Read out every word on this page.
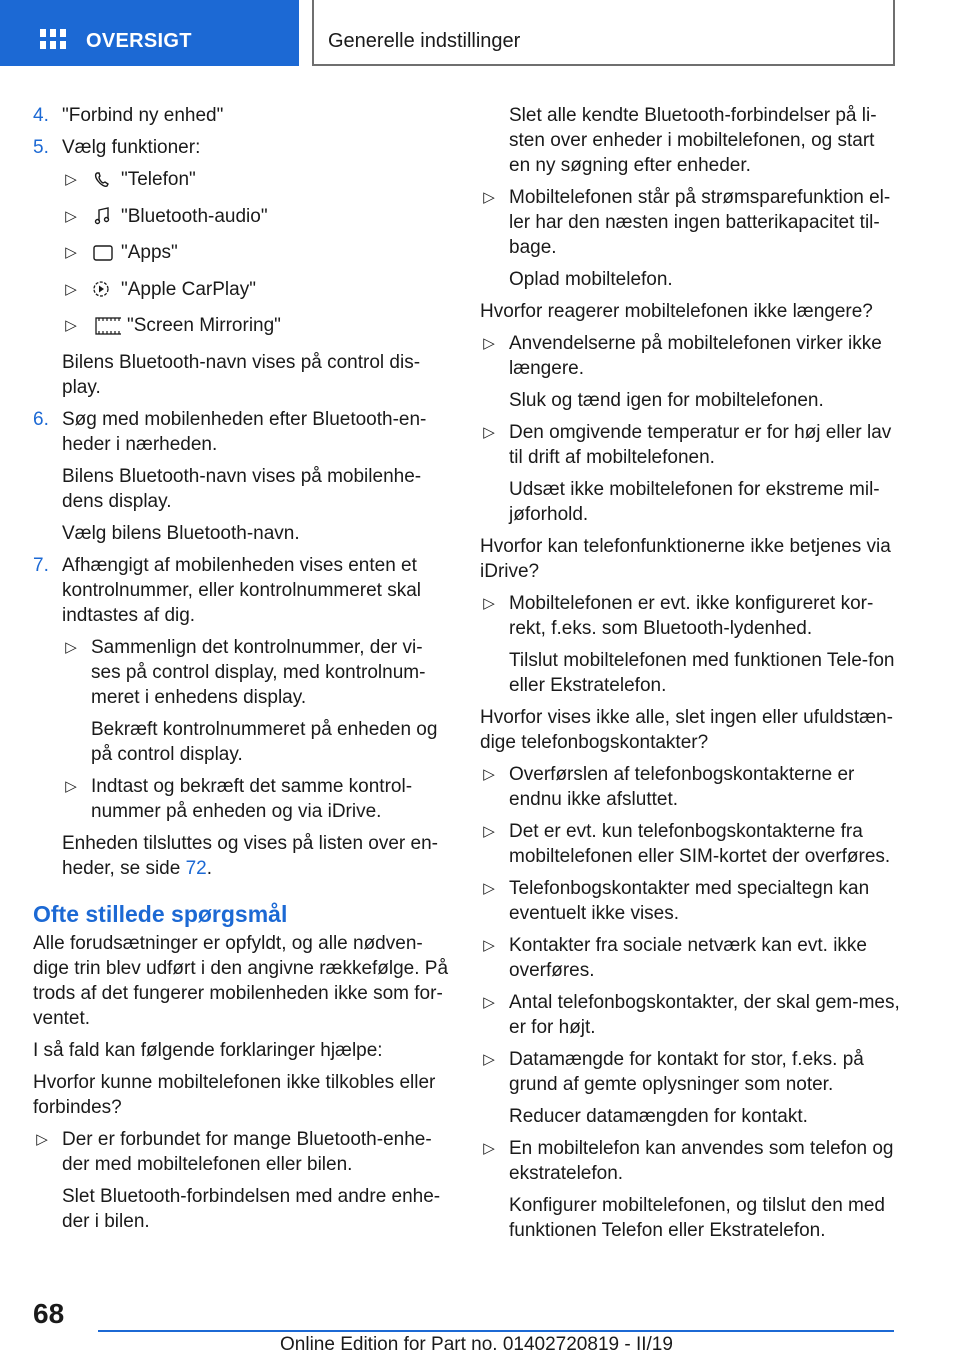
OVERSIGT	Generelle indstillinger
4. "Forbind ny enhed"

5. Vælg funktioner:

▷ "Telefon"
▷ "Bluetooth-audio"
▷ "Apps"
▷ "Apple CarPlay"
▷	"Screen Mirroring"

Bilens Bluetooth-navn vises på control dis-play.

6. Søg med mobilenheden efter Bluetooth-en-heder i nærheden.

Bilens Bluetooth-navn vises på mobilenhe-dens display.

Vælg bilens Bluetooth-navn.

7. Afhængigt af mobilenheden vises enten et kontrolnummer, eller kontrolnummeret skal indtastes af dig.

▷ Sammenlign det kontrolnummer, der vi-ses på control display, med kontrolnum-meret i enhedens display.

Bekræft kontrolnummeret på enheden og på control display.

▷ Indtast og bekræft det samme kontrol-nummer på enheden og via iDrive.

Enheden tilsluttes og vises på listen over en-heder, se side 72.

Ofte stillede spørgsmål

Alle forudsætninger er opfyldt, og alle nødven-dige trin blev udført i den angivne rækkefølge. På trods af det fungerer mobilenheden ikke som for-ventet.

I så fald kan følgende forklaringer hjælpe:

Hvorfor kunne mobiltelefonen ikke tilkobles eller forbindes?

▷ Der er forbundet for mange Bluetooth-enhe-der med mobiltelefonen eller bilen.

Slet Bluetooth-forbindelsen med andre enhe-der i bilen.

Slet alle kendte Bluetooth-forbindelser på li-sten over enheder i mobiltelefonen, og start en ny søgning efter enheder.

▷ Mobiltelefonen står på strømsparefunktion el-ler har den næsten ingen batterikapacitet til-bage.

Oplad mobiltelefon.

Hvorfor reagerer mobiltelefonen ikke længere?

▷ Anvendelserne på mobiltelefonen virker ikke længere.

Sluk og tænd igen for mobiltelefonen.

▷ Den omgivende temperatur er for høj eller lav til drift af mobiltelefonen.

Udsæt ikke mobiltelefonen for ekstreme mil-jøforhold.

Hvorfor kan telefonfunktionerne ikke betjenes via iDrive?

▷ Mobiltelefonen er evt. ikke konfigureret kor-rekt, f.eks. som Bluetooth-lydenhed.

Tilslut mobiltelefonen med funktionen Tele-fon eller Ekstratelefon.

Hvorfor vises ikke alle, slet ingen eller ufuldstæn-dige telefonbogskontakter?

▷ Overførslen af telefonbogskontakterne er endnu ikke afsluttet.

▷ Det er evt. kun telefonbogskontakterne fra mobiltelefonen eller SIM-kortet der overføres.

▷ Telefonbogskontakter med specialtegn kan eventuelt ikke vises.

▷ Kontakter fra sociale netværk kan evt. ikke overføres.

▷ Antal telefonbogskontakter, der skal gem-mes, er for højt.

▷ Datamængde for kontakt for stor, f.eks. på grund af gemte oplysninger som noter.

Reducer datamængden for kontakt.

▷ En mobiltelefon kan anvendes som telefon og ekstratelefon.

Konfigurer mobiltelefonen, og tilslut den med funktionen Telefon eller Ekstratelefon.

68
Online Edition for Part no. 01402720819 - II/19
